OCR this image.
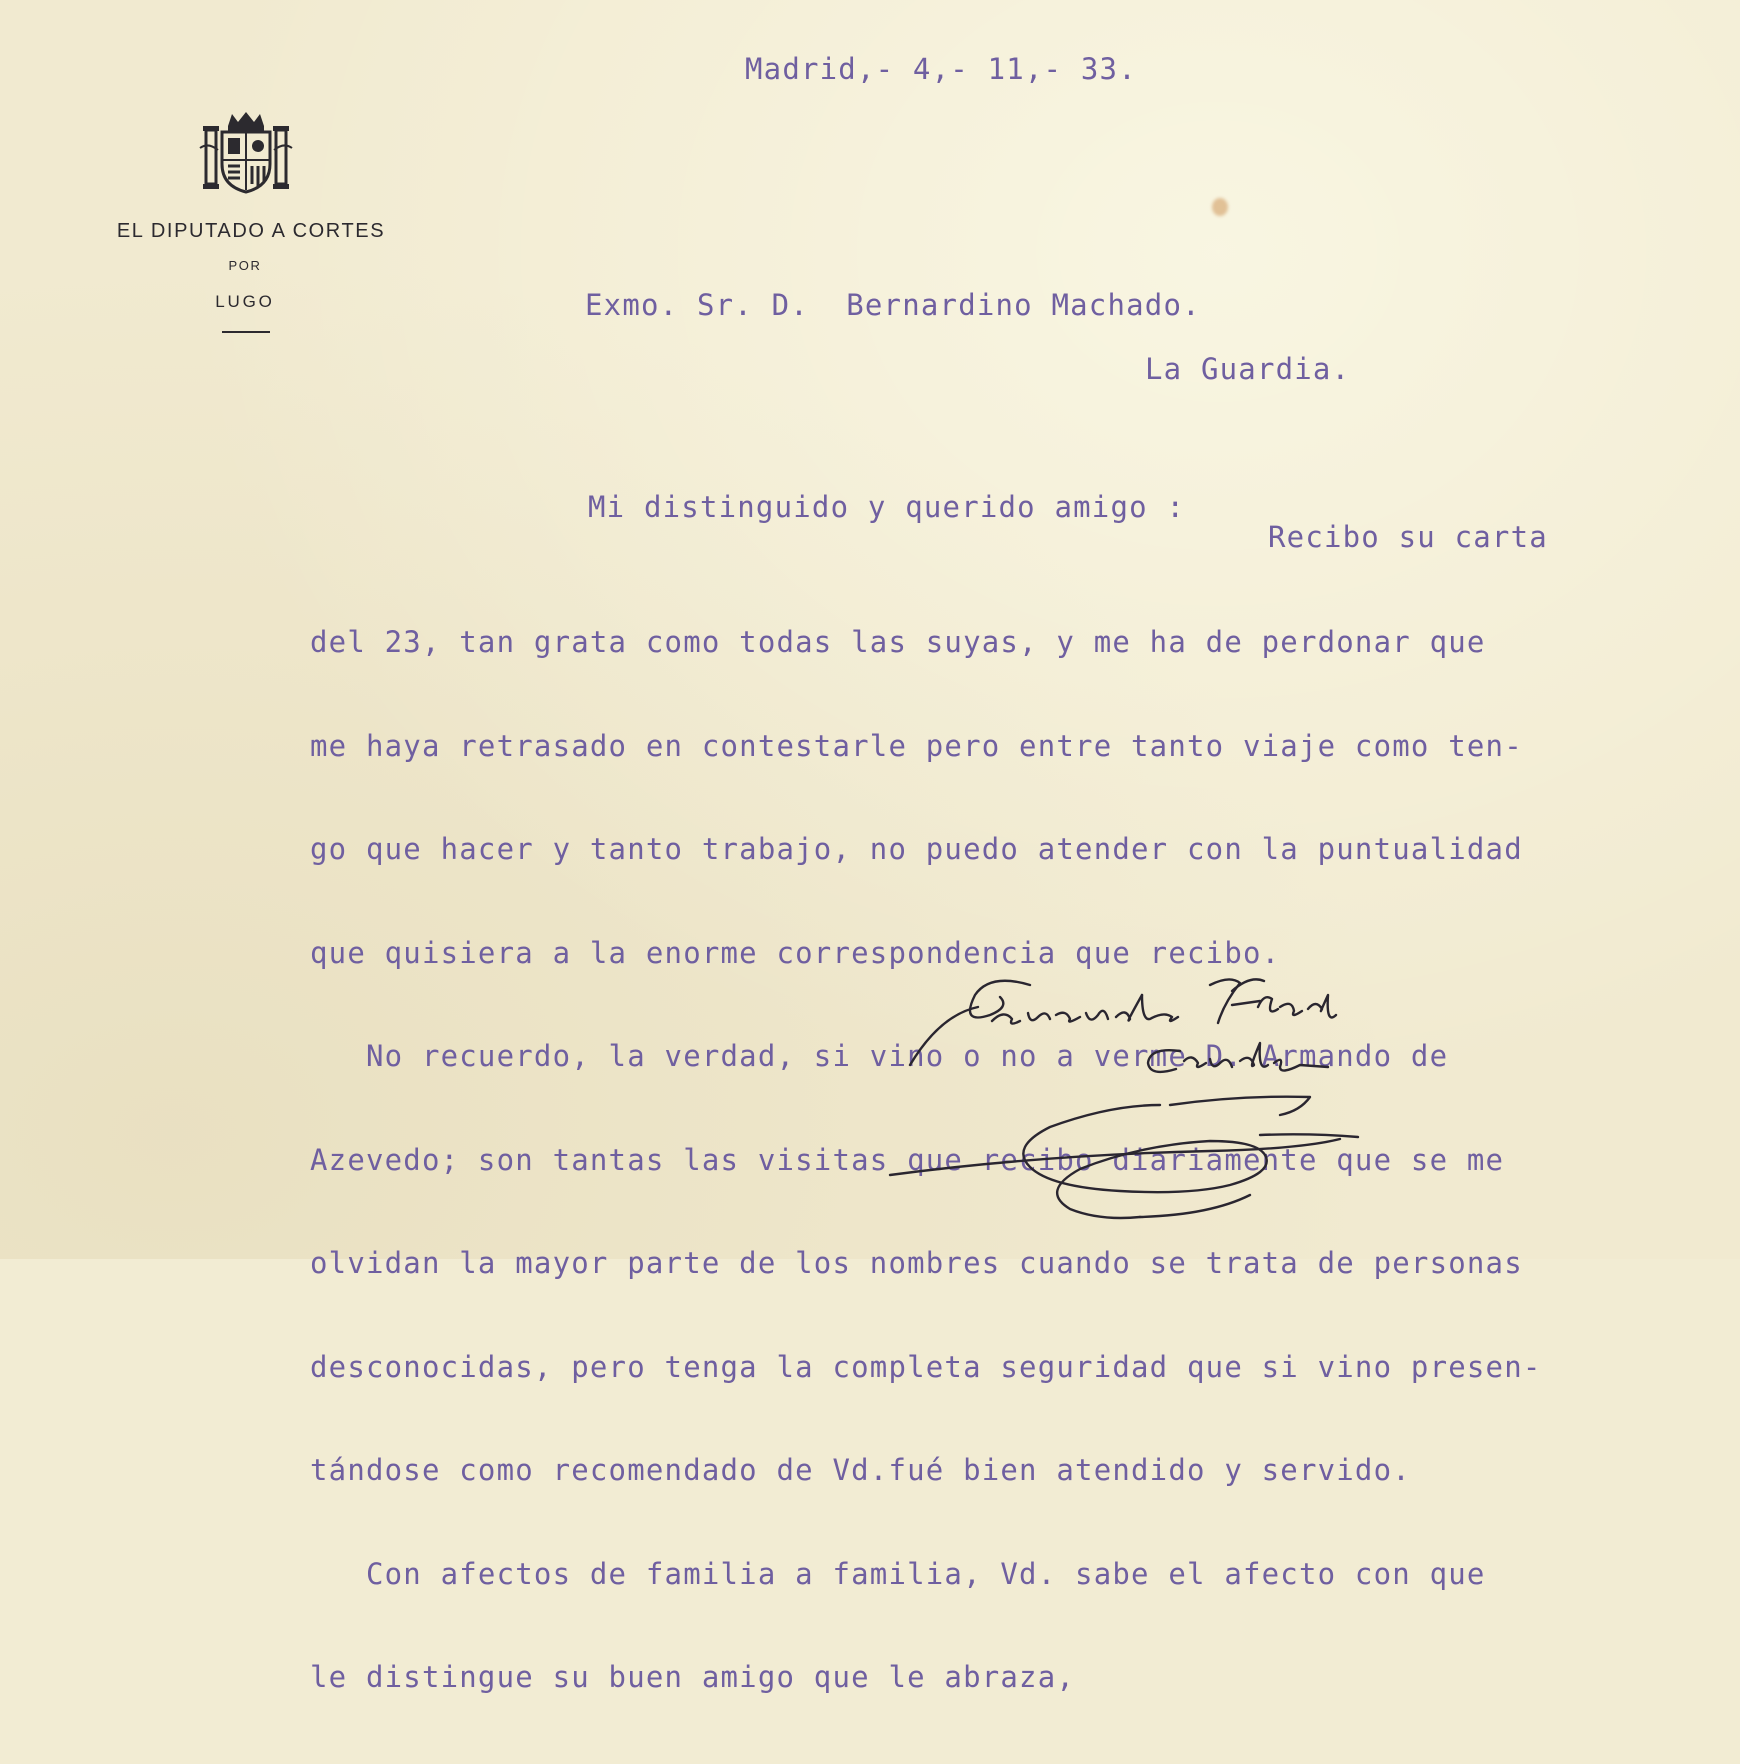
EL DIPUTADO A CORTES
POR
LUGO
Madrid,- 4,- 11,- 33.
Exmo. Sr. D.  Bernardino Machado.
La Guardia.
Mi distinguido y querido amigo :
Recibo su carta

del 23, tan grata como todas las suyas, y me ha de perdonar que

me haya retrasado en contestarle pero entre tanto viaje como ten-

go que hacer y tanto trabajo, no puedo atender con la puntualidad

que quisiera a la enorme correspondencia que recibo.

No recuerdo, la verdad, si vino o no a verme D. Armando de

Azevedo; son tantas las visitas que recibo diariamente que se me

olvidan la mayor parte de los nombres cuando se trata de personas

desconocidas, pero tenga la completa seguridad que si vino presen-

tándose como recomendado de Vd.fué bien atendido y servido.

Con afectos de familia a familia, Vd. sabe el afecto con que

le distingue su buen amigo que le abraza,
